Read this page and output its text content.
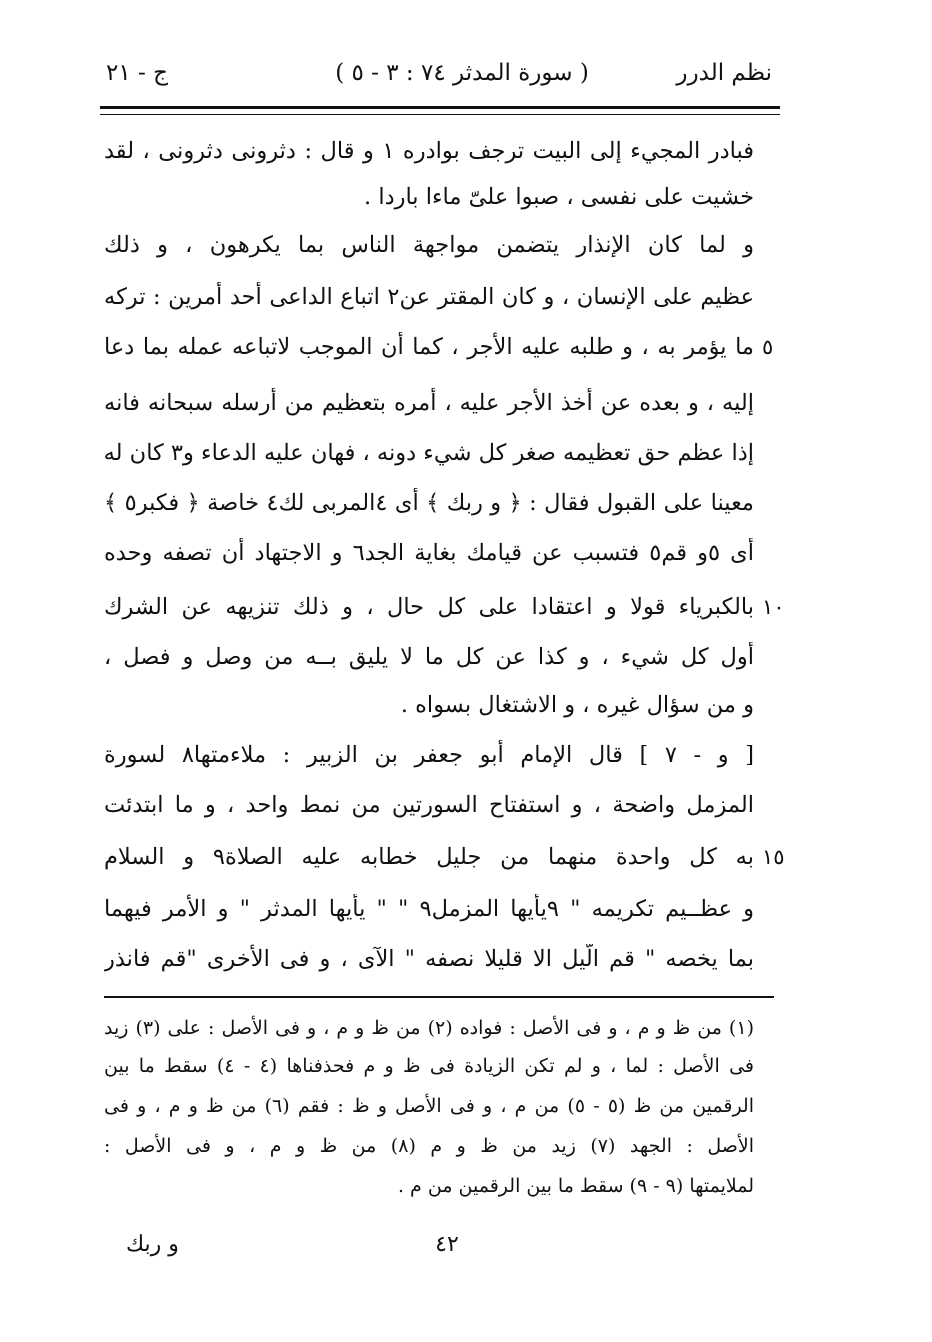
نظم الدرر
( سورة المدثر ٧٤ : ٣ - ٥ )
ج - ٢١
فبادر المجيء إلى البيت ترجف بوادره ١ و قال : دثرونى دثرونى ، لقد
خشيت على نفسى ، صبوا علىّ ماءا باردا .
و لما كان الإنذار يتضمن مواجهة الناس بما يكرهون ، و ذلك
عظيم على الإنسان ، و كان المقتر عن٢ اتباع الداعى أحد أمرين : تركه
ما يؤمر به ، و طلبه عليه الأجر ، كما أن الموجب لاتباعه عمله بما دعا
إليه ، و بعده عن أخذ الأجر عليه ، أمره بتعظيم من أرسله سبحانه فانه
إذا عظم حق تعظيمه صغر كل شيء دونه ، فهان عليه الدعاء و٣ كان له
معينا على القبول فقال : ﴿ و ربك ﴾ أى ٤المربى لك٤ خاصة ﴿ فكبر٥ ﴾
أى ٥و قم٥ فتسبب عن قيامك بغاية الجد٦ و الاجتهاد أن تصفه وحده
بالكبرياء قولا و اعتقادا على كل حال ، و ذلك تنزيهه عن الشرك
أول كل شيء ، و كذا عن كل ما لا يليق بــه من وصل و فصل ،
و من سؤال غيره ، و الاشتغال بسواه .
[ و - ٧ ] قال الإمام أبو جعفر بن الزبير : ملاءمتها٨ لسورة
المزمل واضحة ، و استفتاح السورتين من نمط واحد ، و ما ابتدئت
به كل واحدة منهما من جليل خطابه عليه الصلاة٩ و السلام
و عظــيم تكريمه " ٩يأيها المزمل٩ " " يأيها المدثر " و الأمر فيهما
بما يخصه " قم الّيل الا قليلا نصفه " الآى ، و فى الأخرى "قم فانذر
٥
١٠
١٥
(١) من ظ و م ، و فى الأصل : فواده (٢) من ظ و م ، و فى الأصل : على (٣) زيد
فى الأصل : لما ، و لم تكن الزيادة فى ظ و م فحذفناها (٤ - ٤) سقط ما بين
الرقمين من ظ (٥ - ٥) من م ، و فى الأصل و ظ : فقم (٦) من ظ و م ، و فى
الأصل : الجهد (٧) زيد من ظ و م (٨) من ظ و م ، و فى الأصل :
لملايمتها (٩ - ٩) سقط ما بين الرقمين من م .
٤٢
و ربك
